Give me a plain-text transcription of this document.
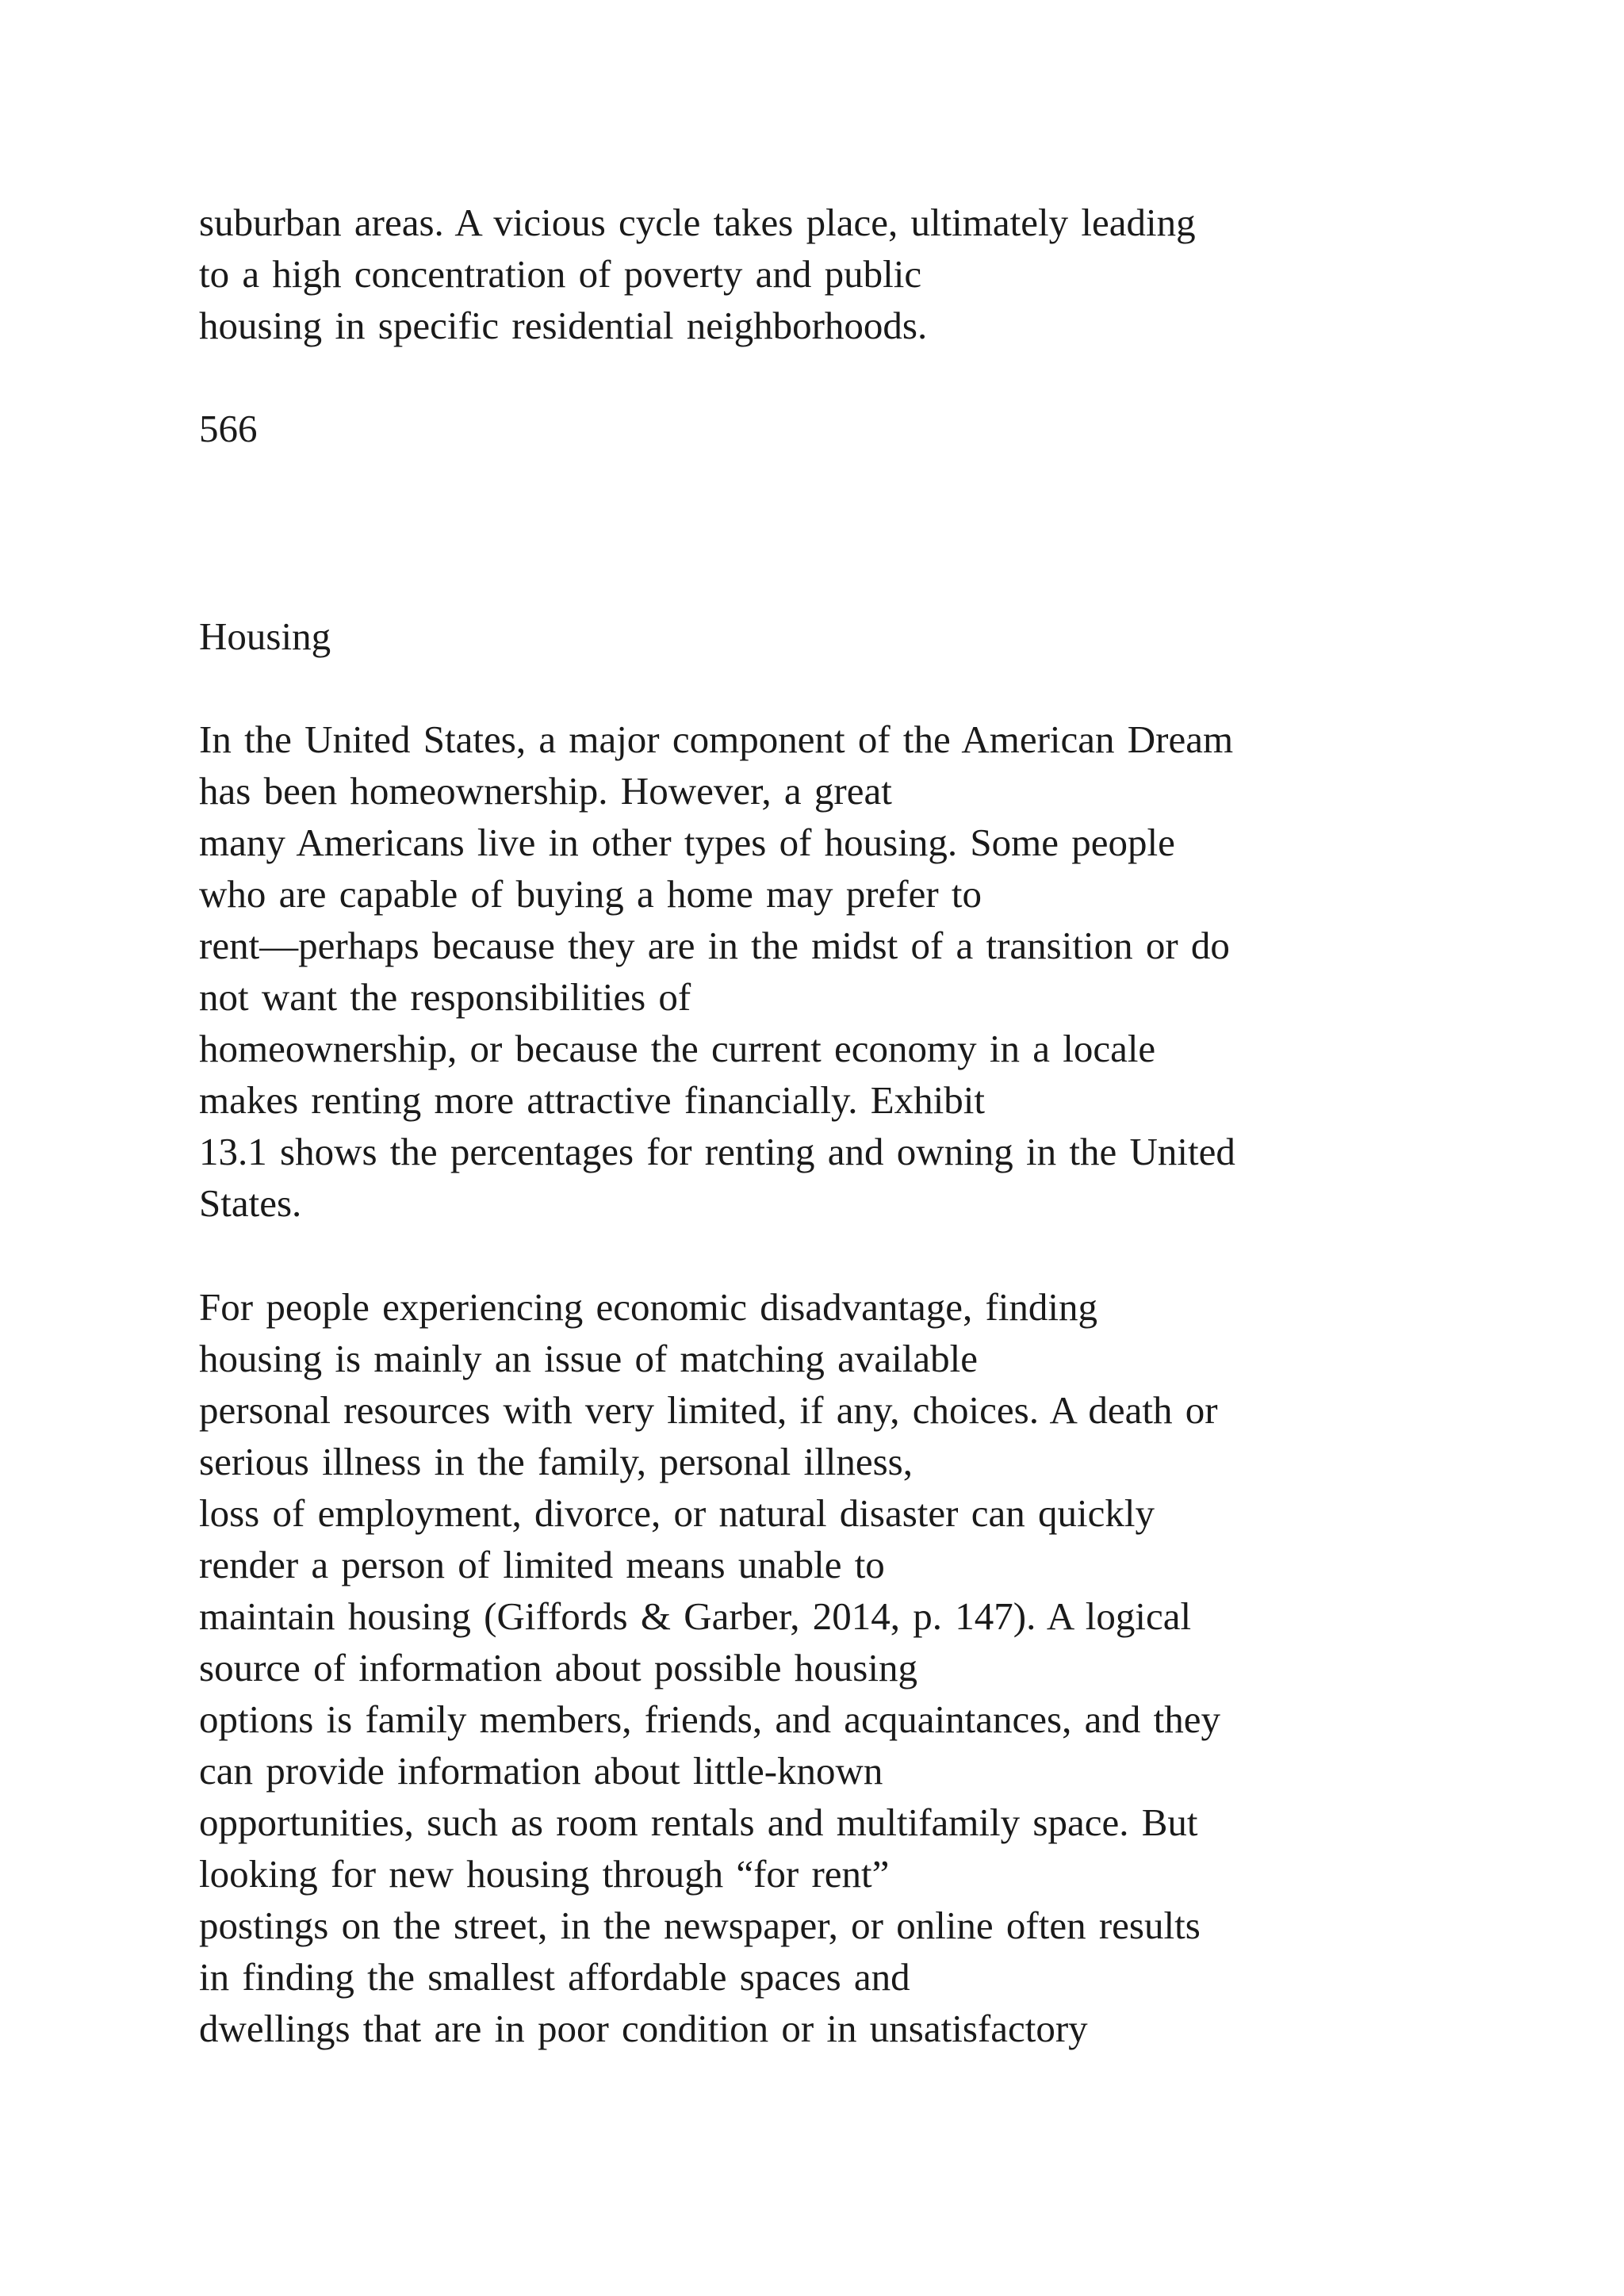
suburban areas. A vicious cycle takes place, ultimately leading
to a high concentration of poverty and public
housing in specific residential neighborhoods.
566
Housing
In the United States, a major component of the American Dream
has been homeownership. However, a great
many Americans live in other types of housing. Some people
who are capable of buying a home may prefer to
rent—perhaps because they are in the midst of a transition or do
not want the responsibilities of
homeownership, or because the current economy in a locale
makes renting more attractive financially. Exhibit
13.1 shows the percentages for renting and owning in the United
States.
For people experiencing economic disadvantage, finding
housing is mainly an issue of matching available
personal resources with very limited, if any, choices. A death or
serious illness in the family, personal illness,
loss of employment, divorce, or natural disaster can quickly
render a person of limited means unable to
maintain housing (Giffords & Garber, 2014, p. 147). A logical
source of information about possible housing
options is family members, friends, and acquaintances, and they
can provide information about little-known
opportunities, such as room rentals and multifamily space. But
looking for new housing through “for rent”
postings on the street, in the newspaper, or online often results
in finding the smallest affordable spaces and
dwellings that are in poor condition or in unsatisfactory
